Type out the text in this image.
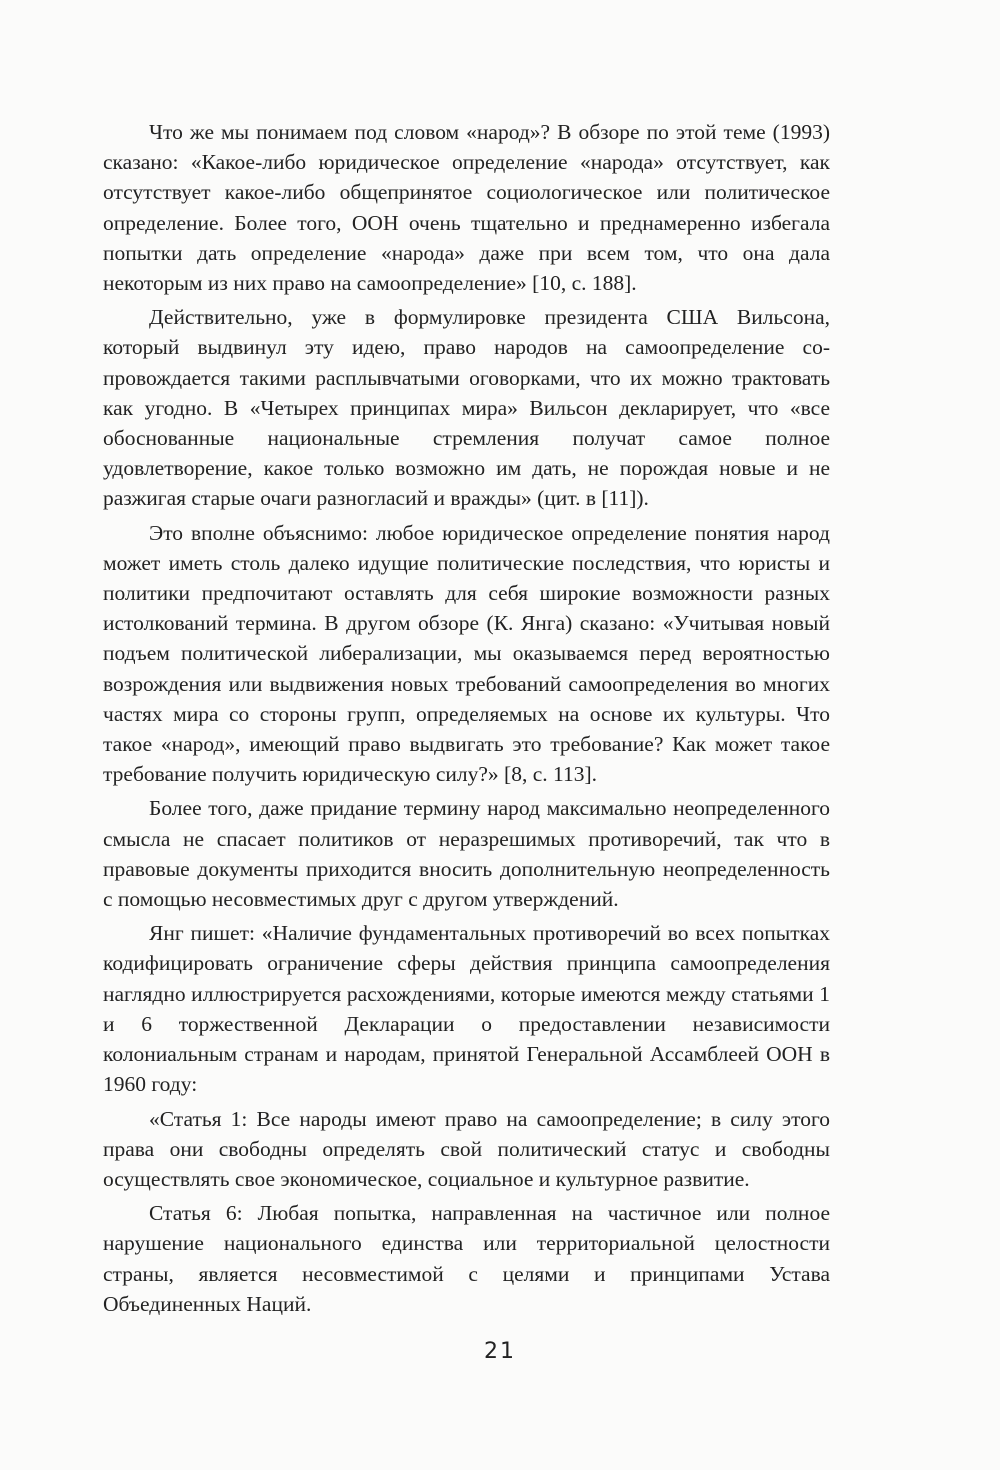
Что же мы понимаем под словом «народ»? В обзоре по этой теме (1993) сказано: «Какое-либо юридическое определение «народа» отсутствует, как отсутствует какое-либо общепринятое социологическое или политическое определение. Более того, ООН очень тщательно и преднамеренно избегала попытки дать определение «народа» даже при всем том, что она дала некоторым из них право на самоопределение» [10, с. 188].

Действительно, уже в формулировке президента США Вильсона, который выдвинул эту идею, право народов на самоопределение сопровождается такими расплывчатыми оговорками, что их можно трактовать как угодно. В «Четырех принципах мира» Вильсон декларирует, что «все обоснованные национальные стремления получат самое полное удовлетворение, какое только возможно им дать, не порождая новые и не разжигая старые очаги разногласий и вражды» (цит. в [11]).

Это вполне объяснимо: любое юридическое определение понятия народ может иметь столь далеко идущие политические последствия, что юристы и политики предпочитают оставлять для себя широкие возможности разных истолкований термина. В другом обзоре (К. Янга) сказано: «Учитывая новый подъем политической либерализации, мы оказываемся перед вероятностью возрождения или выдвижения новых требований самоопределения во многих частях мира со стороны групп, определяемых на основе их культуры. Что такое «народ», имеющий право выдвигать это требование? Как может такое требование получить юридическую силу?» [8, с. 113].

Более того, даже придание термину народ максимально неопределенного смысла не спасает политиков от неразрешимых противоречий, так что в правовые документы приходится вносить дополнительную неопределенность с помощью несовместимых друг с другом утверждений.

Янг пишет: «Наличие фундаментальных противоречий во всех попытках кодифицировать ограничение сферы действия принципа самоопределения наглядно иллюстрируется расхождениями, которые имеются между статьями 1 и 6 торжественной Декларации о предоставлении независимости колониальным странам и народам, принятой Генеральной Ассамблеей ООН в 1960 году:

«Статья 1: Все народы имеют право на самоопределение; в силу этого права они свободны определять свой политический статус и свободны осуществлять свое экономическое, социальное и культурное развитие.

Статья 6: Любая попытка, направленная на частичное или полное нарушение национального единства или территориальной целостности страны, является несовместимой с целями и принципами Устава Объединенных Наций.

21
